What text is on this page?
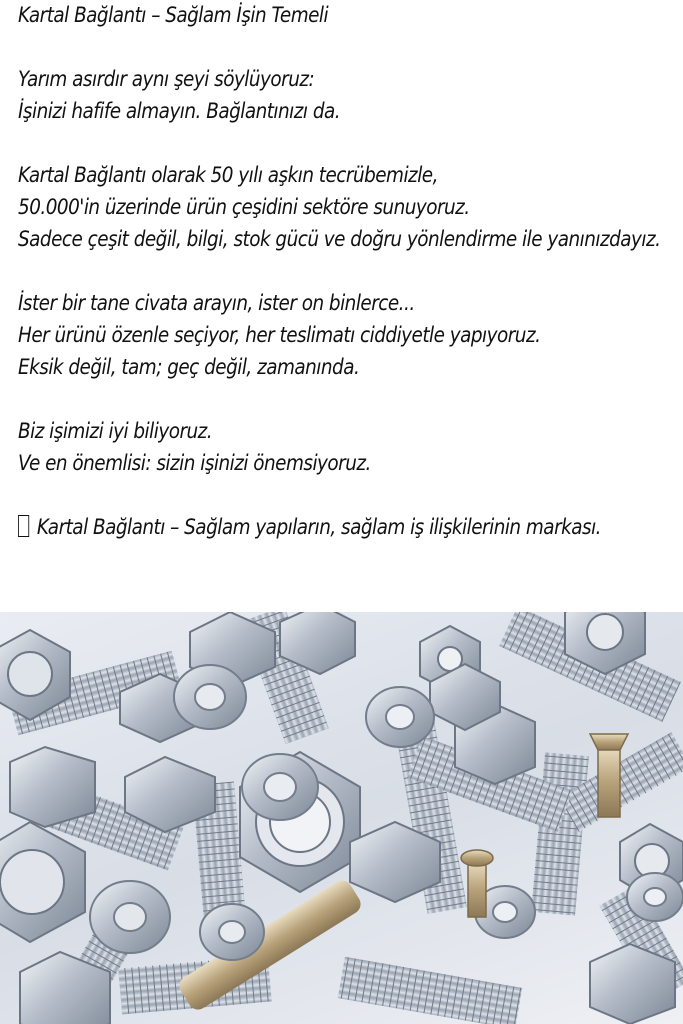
Kartal Bağlantı – Sağlam İşin Temeli

Yarım asırdır aynı şeyi söylüyoruz:
İşinizi hafife almayın. Bağlantınızı da.

Kartal Bağlantı olarak 50 yılı aşkın tecrübemizle,
50.000'in üzerinde ürün çeşidini sektöre sunuyoruz.
Sadece çeşit değil, bilgi, stok gücü ve doğru yönlendirme ile yanınızdayız.

İster bir tane civata arayın, ister on binlerce...
Her ürünü özenle seçiyor, her teslimatı ciddiyetle yapıyoruz.
Eksik değil, tam; geç değil, zamanında.

Biz işimizi iyi biliyoruz.
Ve en önemlisi: sizin işinizi önemsiyoruz.

Kartal Bağlantı – Sağlam yapıların, sağlam iş ilişkilerinin markası.
